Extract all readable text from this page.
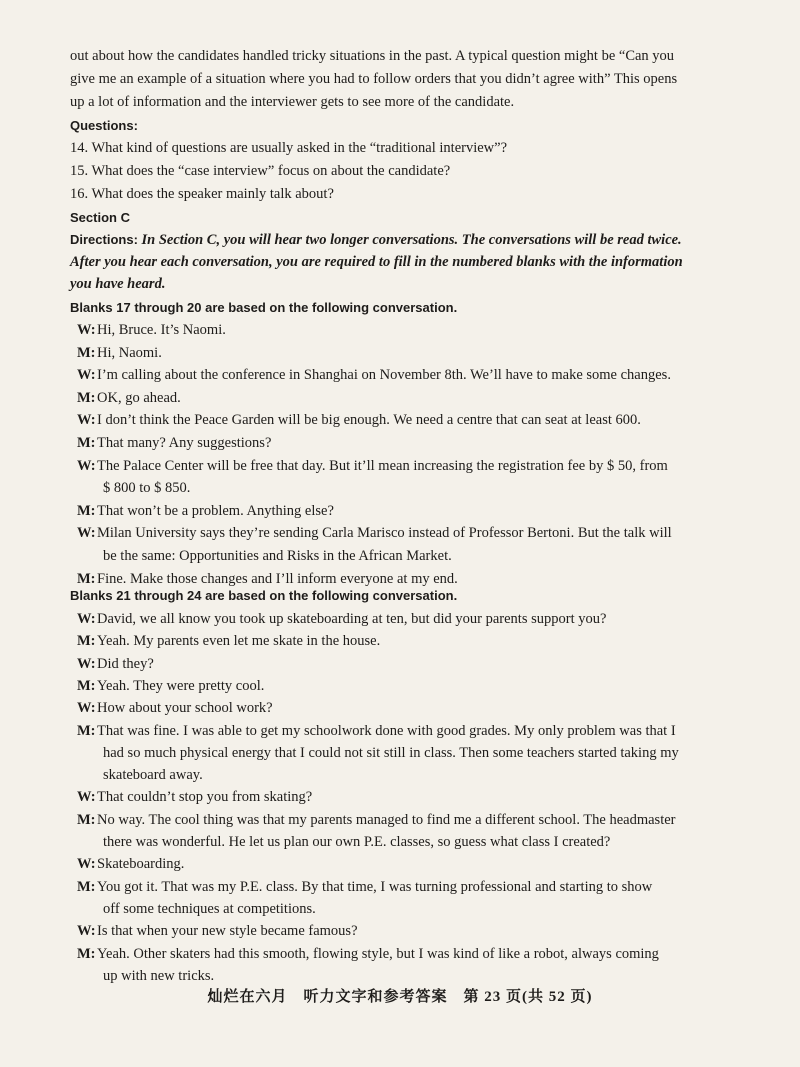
out about how the candidates handled tricky situations in the past. A typical question might be “Can you
give me an example of a situation where you had to follow orders that you didn’t agree with” This opens
up a lot of information and the interviewer gets to see more of the candidate.
Questions:
14. What kind of questions are usually asked in the “traditional interview”?
15. What does the “case interview” focus on about the candidate?
16. What does the speaker mainly talk about?
Section C
Directions: In Section C, you will hear two longer conversations. The conversations will be read twice.
After you hear each conversation, you are required to fill in the numbered blanks with the information
you have heard.
Blanks 17 through 20 are based on the following conversation.
W:Hi, Bruce. It’s Naomi.
M:Hi, Naomi.
W:I’m calling about the conference in Shanghai on November 8th. We’ll have to make some changes.
M:OK, go ahead.
W:I don’t think the Peace Garden will be big enough. We need a centre that can seat at least 600.
M:That many? Any suggestions?
W:The Palace Center will be free that day. But it’ll mean increasing the registration fee by $ 50, from
$ 800 to $ 850.
M:That won’t be a problem. Anything else?
W:Milan University says they’re sending Carla Marisco instead of Professor Bertoni. But the talk will
be the same: Opportunities and Risks in the African Market.
M:Fine. Make those changes and I’ll inform everyone at my end.
Blanks 21 through 24 are based on the following conversation.
W:David, we all know you took up skateboarding at ten, but did your parents support you?
M:Yeah. My parents even let me skate in the house.
W:Did they?
M:Yeah. They were pretty cool.
W:How about your school work?
M:That was fine. I was able to get my schoolwork done with good grades. My only problem was that I
had so much physical energy that I could not sit still in class. Then some teachers started taking my
skateboard away.
W:That couldn’t stop you from skating?
M:No way. The cool thing was that my parents managed to find me a different school. The headmaster
there was wonderful. He let us plan our own P.E. classes, so guess what class I created?
W:Skateboarding.
M:You got it. That was my P.E. class. By that time, I was turning professional and starting to show
off some techniques at competitions.
W:Is that when your new style became famous?
M:Yeah. Other skaters had this smooth, flowing style, but I was kind of like a robot, always coming
up with new tricks.
灿烂在六月　听力文字和参考答案　第 23 页(共 52 页)
